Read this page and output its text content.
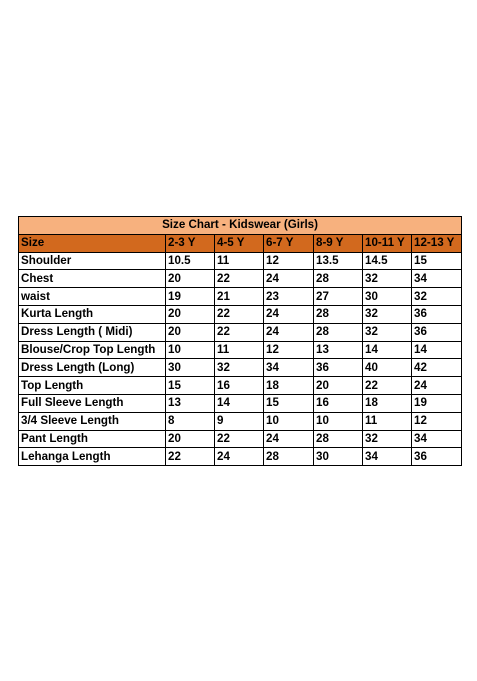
Size Chart - Kidswear (Girls)						
Size	2-3 Y	4-5 Y	6-7 Y	8-9 Y	10-11 Y	12-13 Y
Shoulder	10.5	11	12	13.5	14.5	15
Chest	20	22	24	28	32	34
waist	19	21	23	27	30	32
Kurta Length	20	22	24	28	32	36
Dress Length ( Midi)	20	22	24	28	32	36
Blouse/Crop Top Length	10	11	12	13	14	14
Dress Length (Long)	30	32	34	36	40	42
Top Length	15	16	18	20	22	24
Full Sleeve Length	13	14	15	16	18	19
3/4 Sleeve Length	8	9	10	10	11	12
Pant Length	20	22	24	28	32	34
Lehanga Length	22	24	28	30	34	36
